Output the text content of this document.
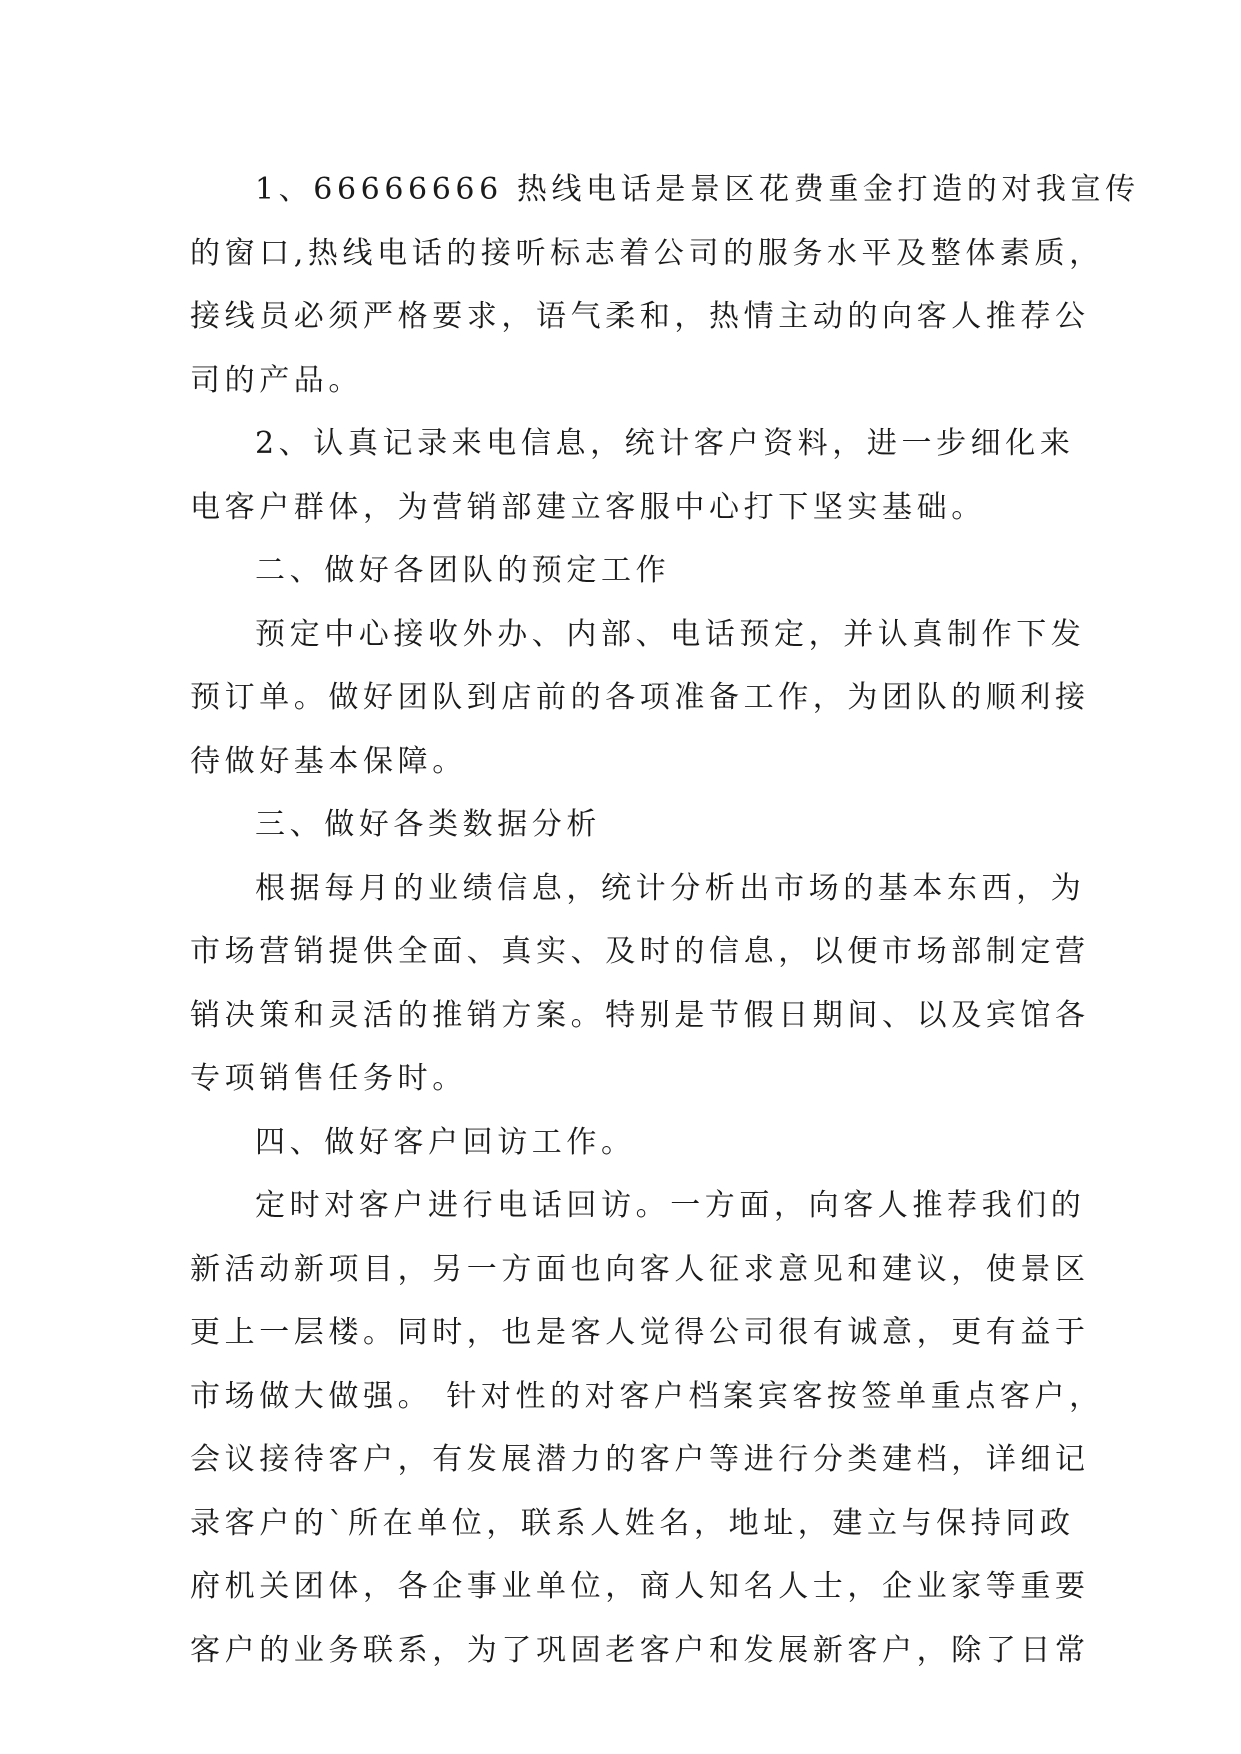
1、66666666 热线电话是景区花费重金打造的对我宣传
的窗口,热线电话的接听标志着公司的服务水平及整体素质，
接线员必须严格要求，语气柔和，热情主动的向客人推荐公
司的产品。
2、认真记录来电信息，统计客户资料，进一步细化来
电客户群体，为营销部建立客服中心打下坚实基础。
二、做好各团队的预定工作
预定中心接收外办、内部、电话预定，并认真制作下发
预订单。做好团队到店前的各项准备工作，为团队的顺利接
待做好基本保障。
三、做好各类数据分析
根据每月的业绩信息，统计分析出市场的基本东西，为
市场营销提供全面、真实、及时的信息，以便市场部制定营
销决策和灵活的推销方案。特别是节假日期间、以及宾馆各
专项销售任务时。
四、做好客户回访工作。
定时对客户进行电话回访。一方面，向客人推荐我们的
新活动新项目，另一方面也向客人征求意见和建议，使景区
更上一层楼。同时，也是客人觉得公司很有诚意，更有益于
市场做大做强。 针对性的对客户档案宾客按签单重点客户，
会议接待客户，有发展潜力的客户等进行分类建档，详细记
录客户的`所在单位，联系人姓名，地址，建立与保持同政
府机关团体，各企事业单位，商人知名人士，企业家等重要
客户的业务联系，为了巩固老客户和发展新客户，除了日常
